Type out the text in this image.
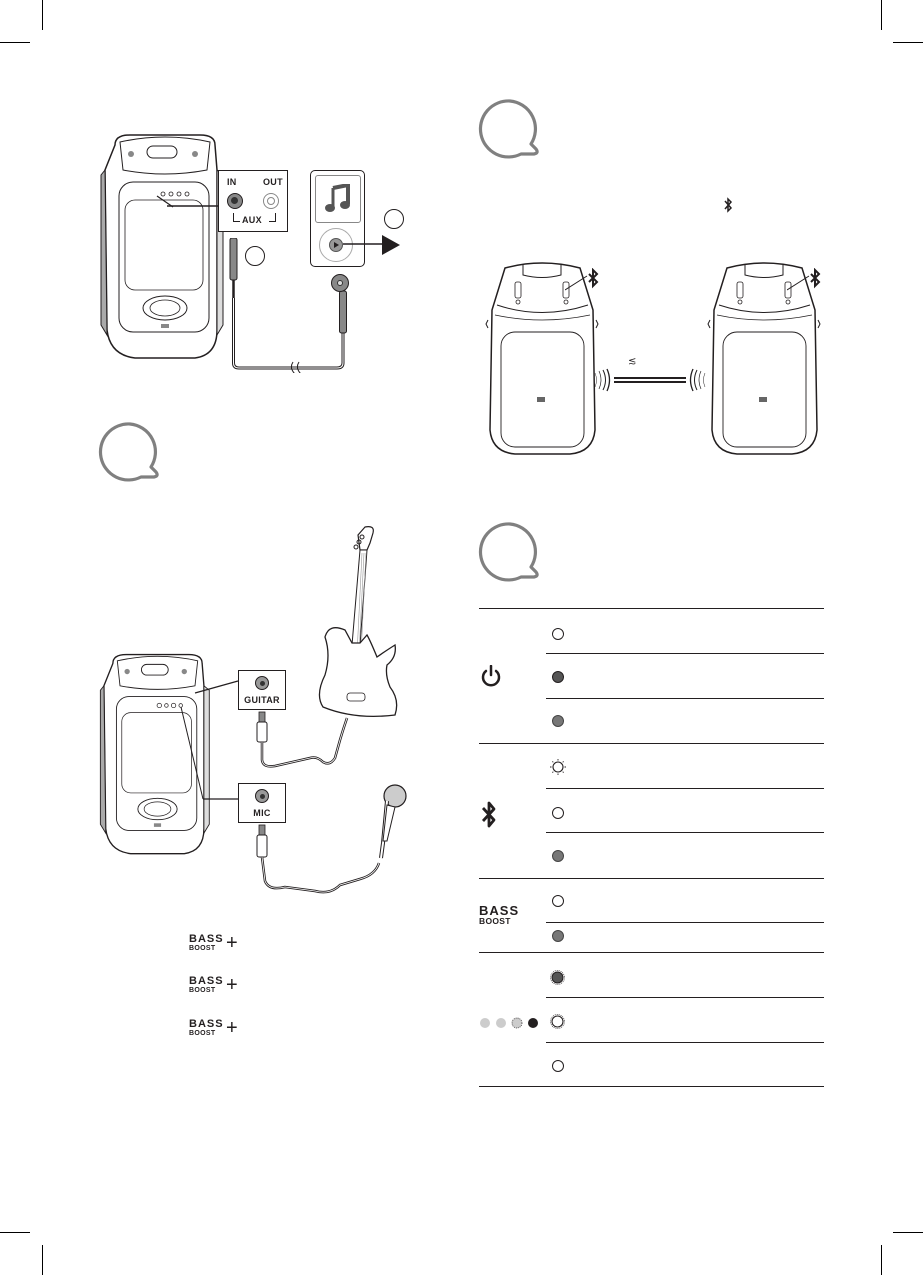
IN	OUT
AUX
≲
GUITAR
MIC
BASS
BOOST +
BASS
BOOST +
BASS
BOOST +
BASS
BOOST
